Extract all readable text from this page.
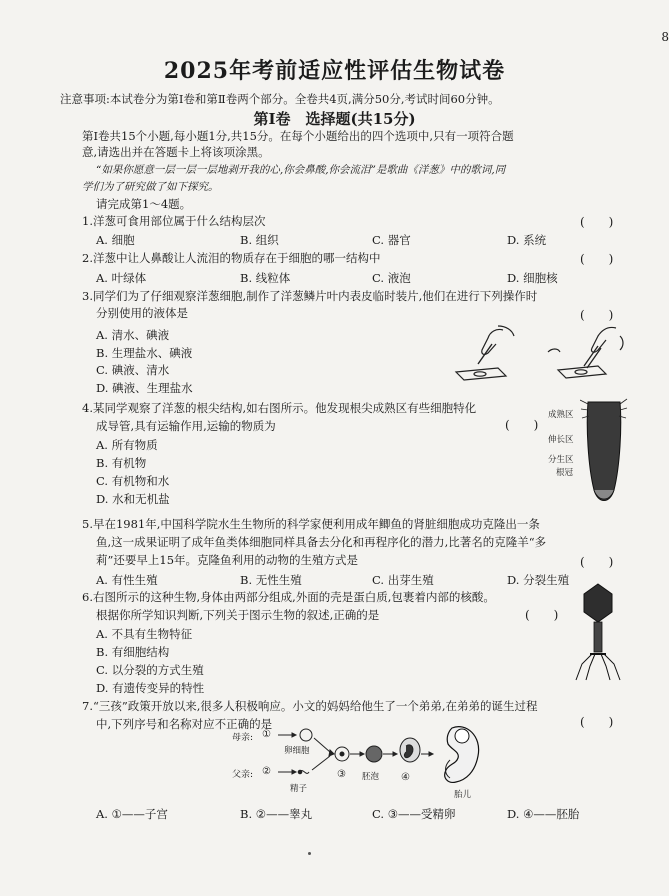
8
2025年考前适应性评估生物试卷
注意事项:本试卷分为第Ⅰ卷和第Ⅱ卷两个部分。全卷共4页,满分50分,考试时间60分钟。
第Ⅰ卷　选择题(共15分)
第Ⅰ卷共15个小题,每小题1分,共15分。在每个小题给出的四个选项中,只有一项符合题
意,请选出并在答题卡上将该项涂黑。
“如果你愿意一层一层一层地剥开我的心,你会鼻酸,你会流泪”是歌曲《洋葱》中的歌词,同
学们为了研究做了如下探究。
请完成第1～4题。
1.洋葱可食用部位属于什么结构层次	(　　)
A. 细胞	B. 组织	C. 器官	D. 系统
2.洋葱中让人鼻酸让人流泪的物质存在于细胞的哪一结构中	(　　)
A. 叶绿体	B. 线粒体	C. 液泡	D. 细胞核
3.同学们为了仔细观察洋葱细胞,制作了洋葱鳞片叶内表皮临时装片,他们在进行下列操作时
分别使用的液体是	(　　)
A. 清水、碘液
B. 生理盐水、碘液
C. 碘液、清水
D. 碘液、生理盐水
4.某同学观察了洋葱的根尖结构,如右图所示。他发现根尖成熟区有些细胞特化
成导管,具有运输作用,运输的物质为	(　　)
A. 所有物质
B. 有机物
C. 有机物和水
D. 水和无机盐
成熟区
伸长区
分生区
根冠
5.早在1981年,中国科学院水生生物所的科学家便利用成年鲫鱼的肾脏细胞成功克隆出一条
鱼,这一成果证明了成年鱼类体细胞同样具备去分化和再程序化的潜力,比著名的克隆羊“多
莉”还要早上15年。克隆鱼利用的动物的生殖方式是	(　　)
A. 有性生殖	B. 无性生殖	C. 出芽生殖	D. 分裂生殖
6.右图所示的这种生物,身体由两部分组成,外面的壳是蛋白质,包裹着内部的核酸。
根据你所学知识判断,下列关于图示生物的叙述,正确的是	(　　)
A. 不具有生物特征
B. 有细胞结构
C. 以分裂的方式生殖
D. 有遗传变异的特性
7.“三孩”政策开放以来,很多人积极响应。小文的妈妈给他生了一个弟弟,在弟弟的诞生过程
中,下列序号和名称对应不正确的是	(　　)
母亲: ①
卵细胞
父亲: ②
精子
③ 胚泡 ④
胎儿
A. ①——子宫	B. ②——睾丸	C. ③——受精卵	D. ④——胚胎
